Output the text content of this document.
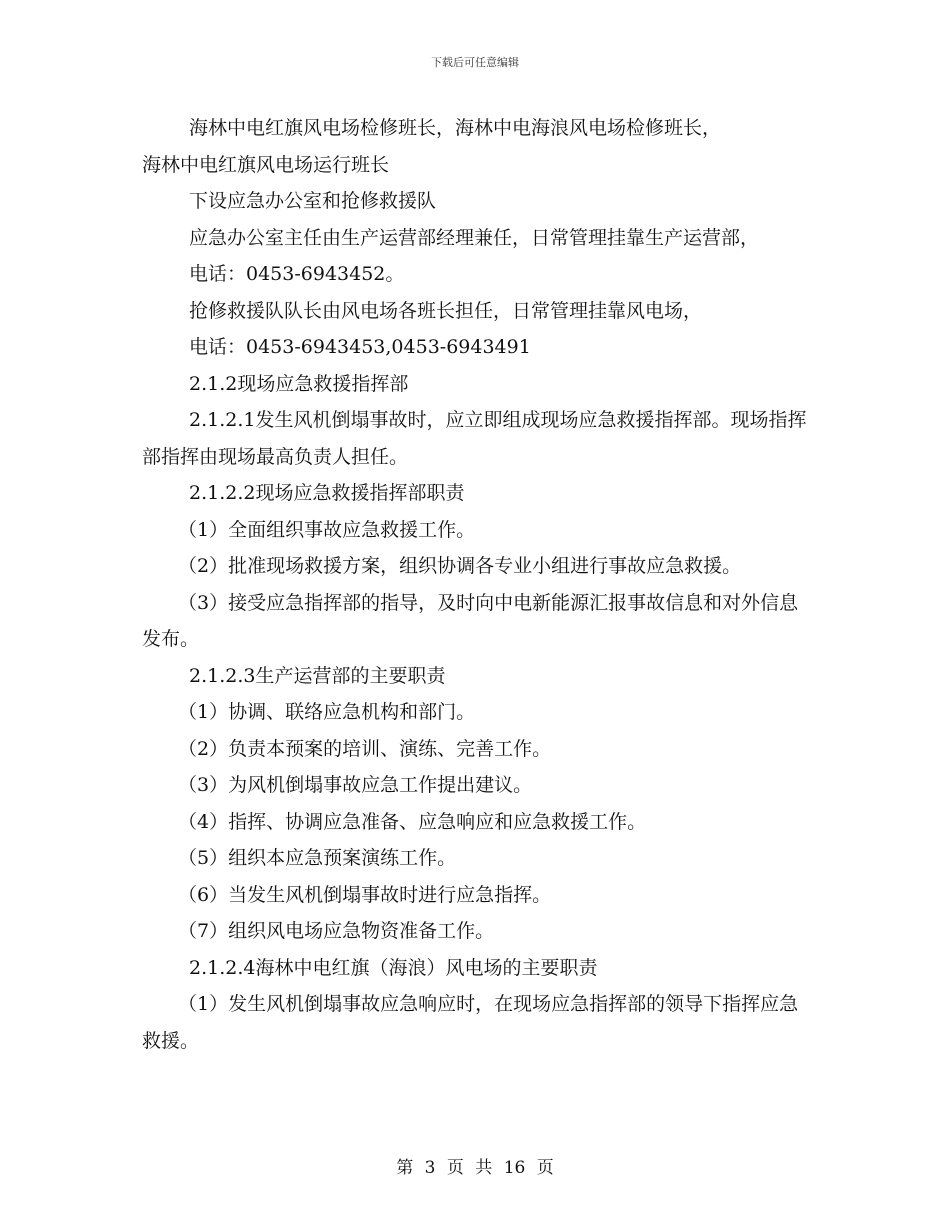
下载后可任意编辑

海林中电红旗风电场检修班长，海林中电海浪风电场检修班长，

海林中电红旗风电场运行班长

下设应急办公室和抢修救援队

应急办公室主任由生产运营部经理兼任，日常管理挂靠生产运营部，

电话：0453-6943452。

抢修救援队队长由风电场各班长担任，日常管理挂靠风电场，

电话：0453-6943453,0453-6943491

2.1.2现场应急救援指挥部

2.1.2.1发生风机倒塌事故时，应立即组成现场应急救援指挥部。现场指挥部指挥由现场最高负责人担任。

2.1.2.2现场应急救援指挥部职责

（1）全面组织事故应急救援工作。

（2）批准现场救援方案，组织协调各专业小组进行事故应急救援。

（3）接受应急指挥部的指导，及时向中电新能源汇报事故信息和对外信息发布。

2.1.2.3生产运营部的主要职责

（1）协调、联络应急机构和部门。

（2）负责本预案的培训、演练、完善工作。

（3）为风机倒塌事故应急工作提出建议。

（4）指挥、协调应急准备、应急响应和应急救援工作。

（5）组织本应急预案演练工作。

（6）当发生风机倒塌事故时进行应急指挥。

（7）组织风电场应急物资准备工作。

2.1.2.4海林中电红旗（海浪）风电场的主要职责

（1）发生风机倒塌事故应急响应时，在现场应急指挥部的领导下指挥应急救援。

第 3 页 共 16 页
